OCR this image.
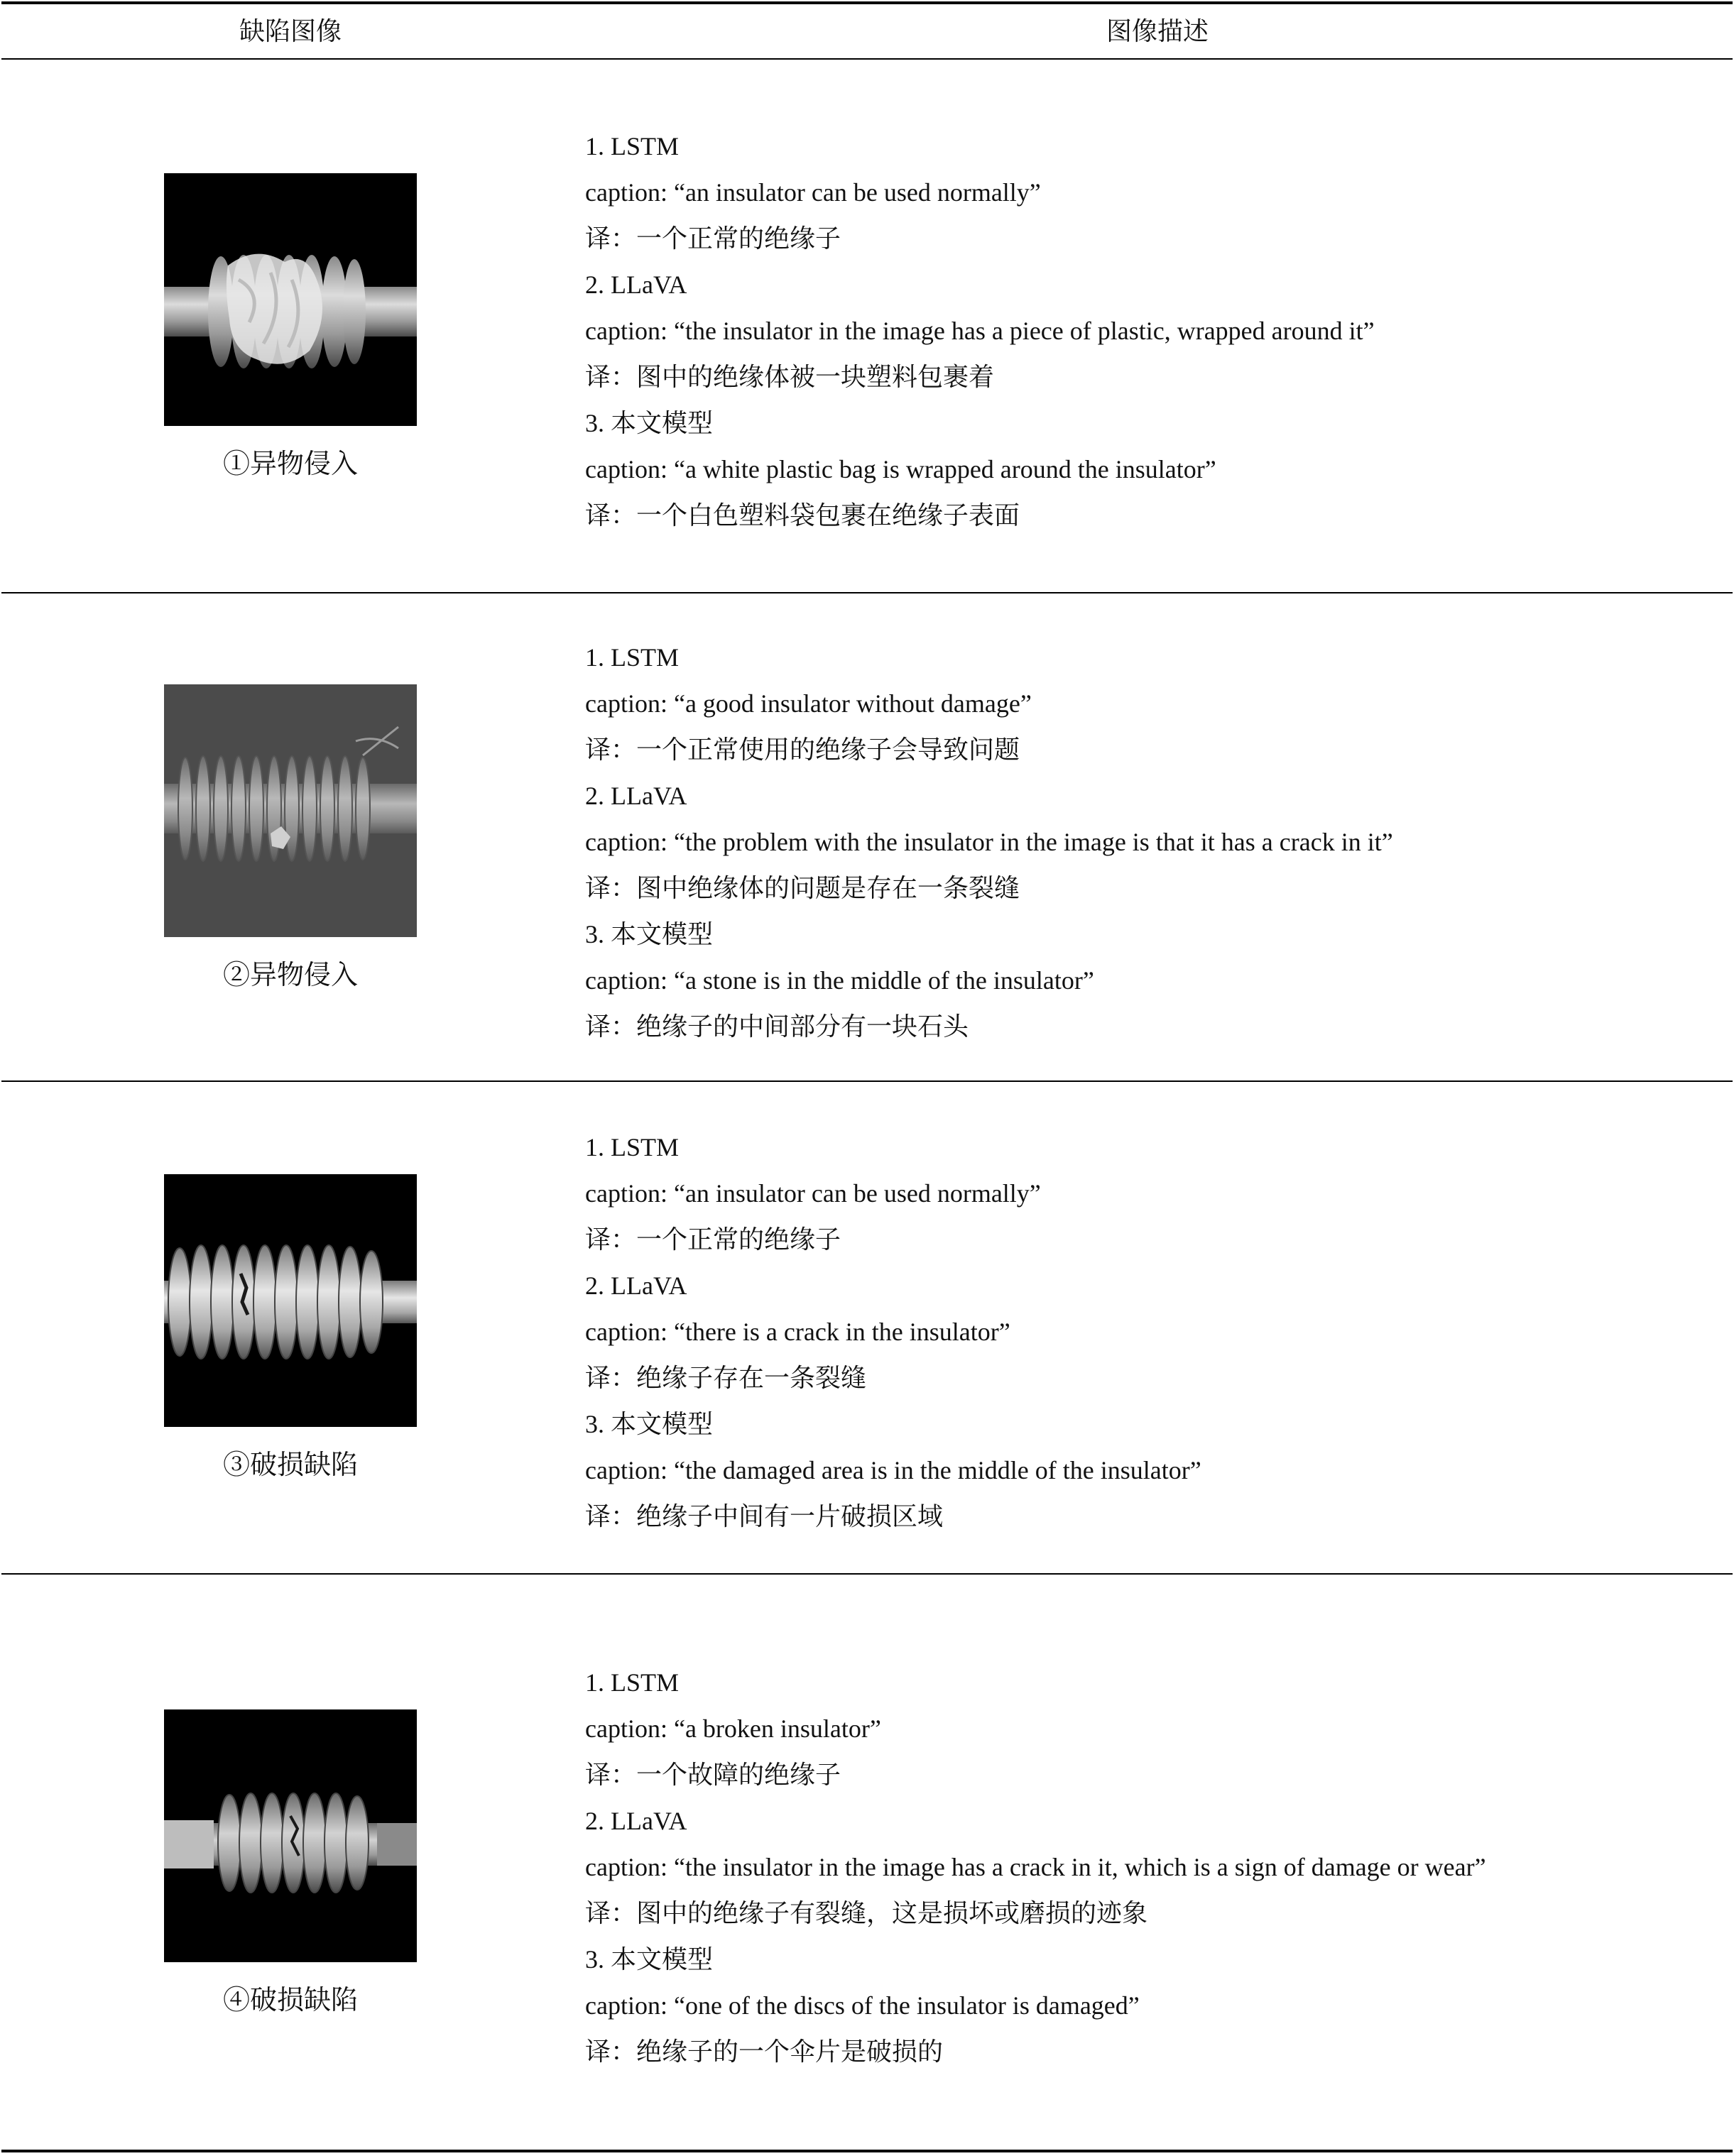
缺陷图像	图像描述
①异物侵入
1. LSTM
caption: “an insulator can be used normally”
译：一个正常的绝缘子
2. LLaVA
caption: “the insulator in the image has a piece of plastic, wrapped around it”
译：图中的绝缘体被一块塑料包裹着
3. 本文模型
caption: “a white plastic bag is wrapped around the insulator”
译：一个白色塑料袋包裹在绝缘子表面
②异物侵入
1. LSTM
caption: “a good insulator without damage”
译：一个正常使用的绝缘子会导致问题
2. LLaVA
caption: “the problem with the insulator in the image is that it has a crack in it”
译：图中绝缘体的问题是存在一条裂缝
3. 本文模型
caption: “a stone is in the middle of the insulator”
译：绝缘子的中间部分有一块石头
③破损缺陷
1. LSTM
caption: “an insulator can be used normally”
译：一个正常的绝缘子
2. LLaVA
caption: “there is a crack in the insulator”
译：绝缘子存在一条裂缝
3. 本文模型
caption: “the damaged area is in the middle of the insulator”
译：绝缘子中间有一片破损区域
④破损缺陷
1. LSTM
caption: “a broken insulator”
译：一个故障的绝缘子
2. LLaVA
caption: “the insulator in the image has a crack in it, which is a sign of damage or wear”
译：图中的绝缘子有裂缝，这是损坏或磨损的迹象
3. 本文模型
caption: “one of the discs of the insulator is damaged”
译：绝缘子的一个伞片是破损的
